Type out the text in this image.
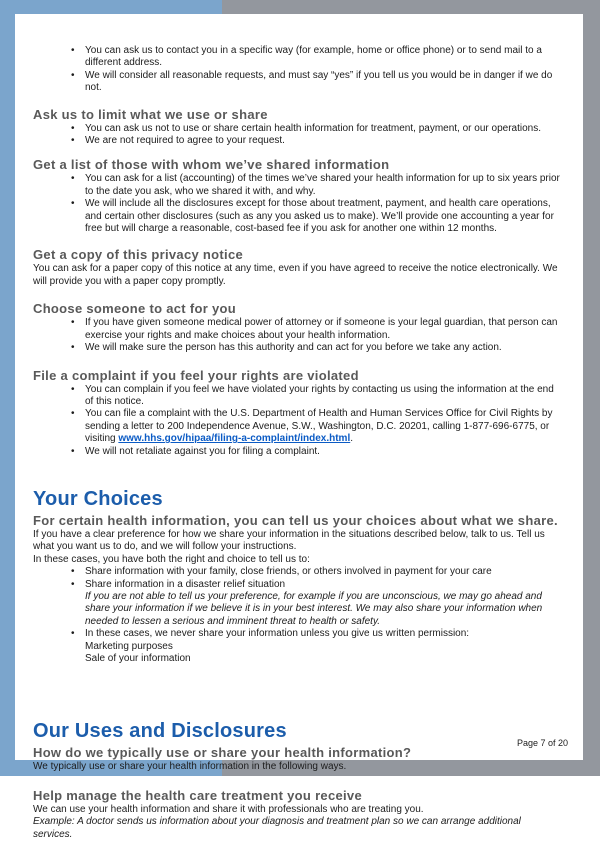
• You can ask us to contact you in a specific way (for example, home or office phone) or to send mail to a different address.
• We will consider all reasonable requests, and must say “yes” if you tell us you would be in danger if we do not.
Ask us to limit what we use or share
• You can ask us not to use or share certain health information for treatment, payment, or our operations.
• We are not required to agree to your request.
Get a list of those with whom we’ve shared information
• You can ask for a list (accounting) of the times we’ve shared your health information for up to six years prior to the date you ask, who we shared it with, and why.
• We will include all the disclosures except for those about treatment, payment, and health care operations, and certain other disclosures (such as any you asked us to make). We’ll provide one accounting a year for free but will charge a reasonable, cost-based fee if you ask for another one within 12 months.
Get a copy of this privacy notice

You can ask for a paper copy of this notice at any time, even if you have agreed to receive the notice electronically. We will provide you with a paper copy promptly.

Choose someone to act for you
• If you have given someone medical power of attorney or if someone is your legal guardian, that person can exercise your rights and make choices about your health information.
• We will make sure the person has this authority and can act for you before we take any action.
File a complaint if you feel your rights are violated
• You can complain if you feel we have violated your rights by contacting us using the information at the end of this notice.
• You can file a complaint with the U.S. Department of Health and Human Services Office for Civil Rights by sending a letter to 200 Independence Avenue, S.W., Washington, D.C. 20201, calling 1-877-696-6775, or visiting www.hhs.gov/hipaa/filing-a-complaint/index.html.
• We will not retaliate against you for filing a complaint.
Your Choices
For certain health information, you can tell us your choices about what we share.

If you have a clear preference for how we share your information in the situations described below, talk to us. Tell us what you want us to do, and we will follow your instructions.

In these cases, you have both the right and choice to tell us to:

• Share information with your family, close friends, or others involved in payment for your care
• Share information in a disaster relief situation
If you are not able to tell us your preference, for example if you are unconscious, we may go ahead and share your information if we believe it is in your best interest. We may also share your information when needed to lessen a serious and imminent threat to health or safety.
• In these cases, we never share your information unless you give us written permission:
Marketing purposes
Sale of your information
Our Uses and Disclosures
How do we typically use or share your health information?

We typically use or share your health information in the following ways.

Help manage the health care treatment you receive

We can use your health information and share it with professionals who are treating you.

Example: A doctor sends us information about your diagnosis and treatment plan so we can arrange additional services.

Page 7 of 20
